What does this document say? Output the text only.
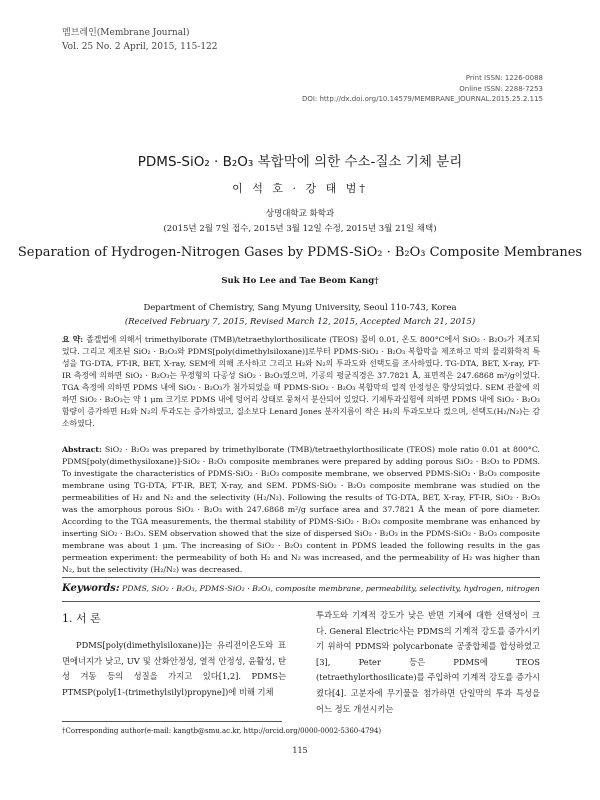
멤브레인(Membrane Journal)
Vol. 25 No. 2 April, 2015, 115-122
Print ISSN: 1226-0088
Online ISSN: 2288-7253
DOI: http://dx.doi.org/10.14579/MEMBRANE_JOURNAL.2015.25.2.115
PDMS-SiO₂ · B₂O₃ 복합막에 의한 수소-질소 기체 분리
이 석 호 · 강 태 범†
상명대학교 화학과
(2015년 2월 7일 접수, 2015년 3월 12일 수정, 2015년 3월 21일 채택)
Separation of Hydrogen-Nitrogen Gases by PDMS-SiO₂ · B₂O₃ Composite Membranes
Suk Ho Lee and Tae Beom Kang†
Department of Chemistry, Sang Myung University, Seoul 110-743, Korea
(Received February 7, 2015, Revised March 12, 2015, Accepted March 21, 2015)
요 약: 졸겔법에 의해서 trimethylborate (TMB)/tetraethylorthosilicate (TEOS) 몰비 0.01, 온도 800°C에서 SiO₂ · B₂O₃가 제조되었다. 그리고 제조된 SiO₂ · B₂O₃와 PDMS[poly(dimethylsiloxane)]로부터 PDMS-SiO₂ · B₂O₃ 복합막을 제조하고 막의 물리화학적 특성을 TG-DTA, FT-IR, BET, X-ray, SEM에 의해 조사하고 그리고 H₂와 N₂의 투과도와 선택도를 조사하였다. TG-DTA, BET, X-ray, FT-IR 측정에 의하면 SiO₂ · B₂O₃는 무정형의 다공성 SiO₂ · B₂O₃였으며, 기공의 평균직경은 37.7821 Å, 표면적은 247.6868 m²/g이었다. TGA 측정에 의하면 PDMS 내에 SiO₂ · B₂O₃가 첨가되었을 때 PDMS-SiO₂ · B₂O₃ 복합막의 열적 안정성은 향상되었다. SEM 관찰에 의하면 SiO₂ · B₂O₃는 약 1 μm 크기로 PDMS 내에 덩어리 상태로 뭉쳐서 분산되어 있었다. 기체투과실험에 의하면 PDMS 내에 SiO₂ · B₂O₃ 함량이 증가하면 H₂와 N₂의 투과도는 증가하였고, 질소보다 Lenard Jones 분자지름이 작은 H₂의 투과도보다 컸으며, 선택도(H₂/N₂)는 감소하였다.
Abstract: SiO₂ · B₂O₃ was prepared by trimethylborate (TMB)/tetraethylorthosilicate (TEOS) mole ratio 0.01 at 800°C. PDMS[poly(dimethysiloxane)]-SiO₂ · B₂O₃ composite membranes were prepared by adding porous SiO₂ · B₂O₃ to PDMS. To investigate the characteristics of PDMS-SiO₂ · B₂O₃ composite membrane, we observed PDMS-SiO₂ · B₂O₃ composite membrane using TG-DTA, FT-IR, BET, X-ray, and SEM. PDMS-SiO₂ · B₂O₃ composite membrane was studied on the permeabilities of H₂ and N₂ and the selectivity (H₂/N₂). Following the results of TG-DTA, BET, X-ray, FT-IR, SiO₂ · B₂O₃ was the amorphous porous SiO₂ · B₂O₃ with 247.6868 m²/g surface area and 37.7821 Å the mean of pore diameter. According to the TGA measurements, the thermal stability of PDMS-SiO₂ · B₂O₃ composite membrane was enhanced by inserting SiO₂ · B₂O₃. SEM observation showed that the size of dispersed SiO₂ · B₂O₃ in the PDMS-SiO₂ · B₂O₃ composite membrane was about 1 μm. The increasing of SiO₂ · B₂O₃ content in PDMS leaded the following results in the gas permeation experiment: the permeability of both H₂ and N₂ was increased, and the permeability of H₂ was higher than N₂, but the selectivity (H₂/N₂) was decreased.
Keywords: PDMS, SiO₂ · B₂O₃, PDMS-SiO₂ · B₂O₃, composite membrane, permeability, selectivity, hydrogen, nitrogen
1. 서 론
PDMS[poly(dimethylsiloxane)]는 유리전이온도와 표면에너지가 낮고, UV 및 산화안정성, 열적 안정성, 윤활성, 탄성 겨동 등의 성질을 가지고 있다[1,2]. PDMS는 PTMSP(poly[1-(trimethylsilyl)propyne])에 비해 기체
투과도와 기계적 강도가 낮은 반면 기체에 대한 선택성이 크다. General Electric사는 PDMS의 기계적 강도를 증가시키기 위하여 PDMS와 polycarbonate 공중합체를 합성하였고[3], Peter 등은 PDMS에 TEOS (tetraethylorthosilicate)를 주입하여 기계적 강도를 증가시켰다[4]. 고분자에 무기물을 첨가하면 단일막의 투과 특성을 어느 정도 개선시키는
†Corresponding author(e-mail: kangtb@smu.ac.kr, http://orcid.org/0000-0002-5360-4794)
115
